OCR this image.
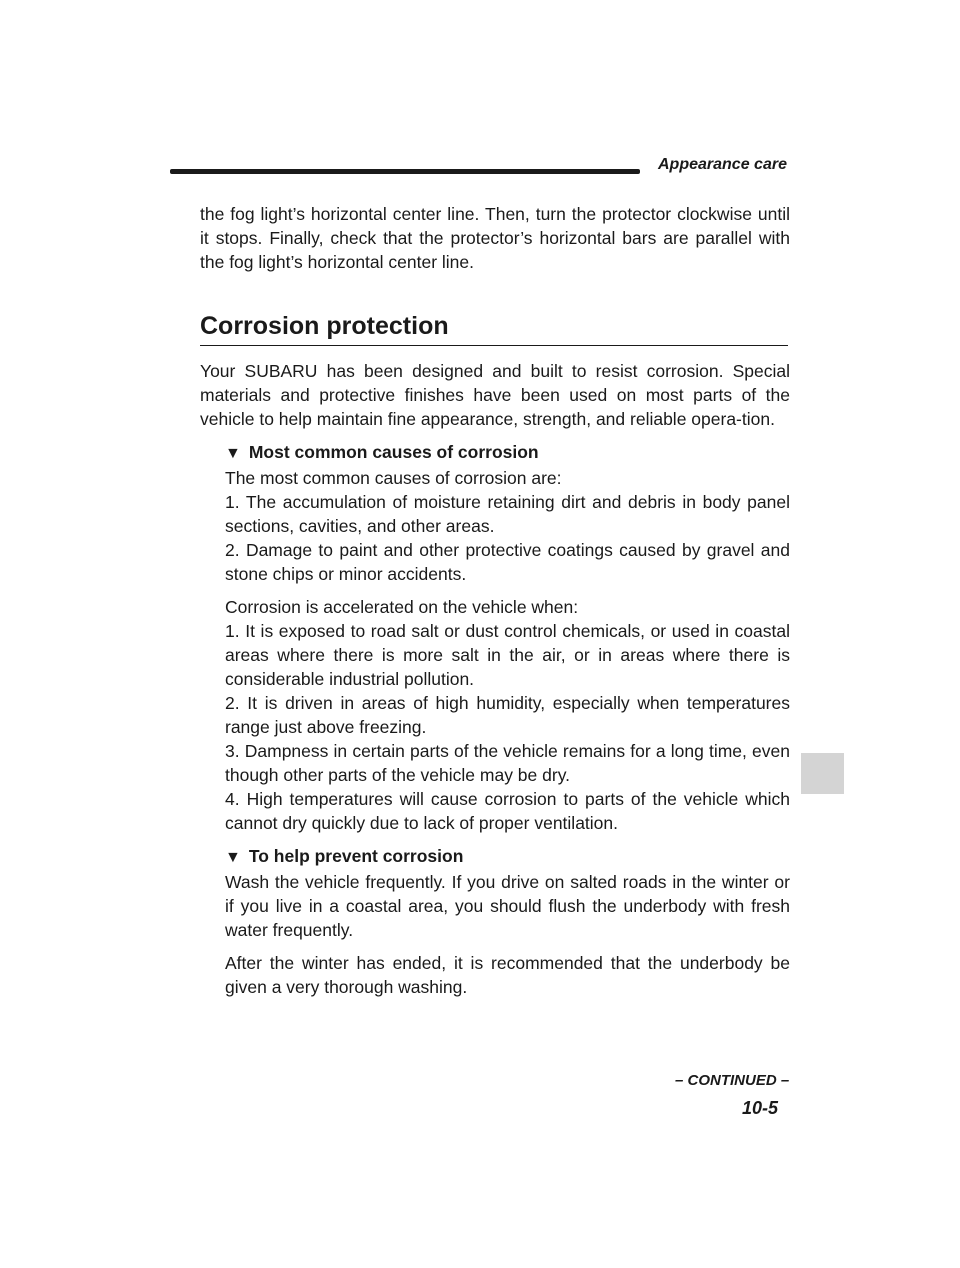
Appearance care

the fog light’s horizontal center line. Then, turn the protector clockwise until it stops. Finally, check that the protector’s horizontal bars are parallel with the fog light’s horizontal center line.

Corrosion protection

Your SUBARU has been designed and built to resist corrosion. Special materials and protective finishes have been used on most parts of the vehicle to help maintain fine appearance, strength, and reliable opera-tion.

▼ Most common causes of corrosion

The most common causes of corrosion are:

1. The accumulation of moisture retaining dirt and debris in body panel sections, cavities, and other areas.

2. Damage to paint and other protective coatings caused by gravel and stone chips or minor accidents.

Corrosion is accelerated on the vehicle when:

1. It is exposed to road salt or dust control chemicals, or used in coastal areas where there is more salt in the air, or in areas where there is considerable industrial pollution.

2. It is driven in areas of high humidity, especially when temperatures range just above freezing.

3. Dampness in certain parts of the vehicle remains for a long time, even though other parts of the vehicle may be dry.

4. High temperatures will cause corrosion to parts of the vehicle which cannot dry quickly due to lack of proper ventilation.

▼ To help prevent corrosion

Wash the vehicle frequently. If you drive on salted roads in the winter or if you live in a coastal area, you should flush the underbody with fresh water frequently.

After the winter has ended, it is recommended that the underbody be given a very thorough washing.

– CONTINUED –
10-5
